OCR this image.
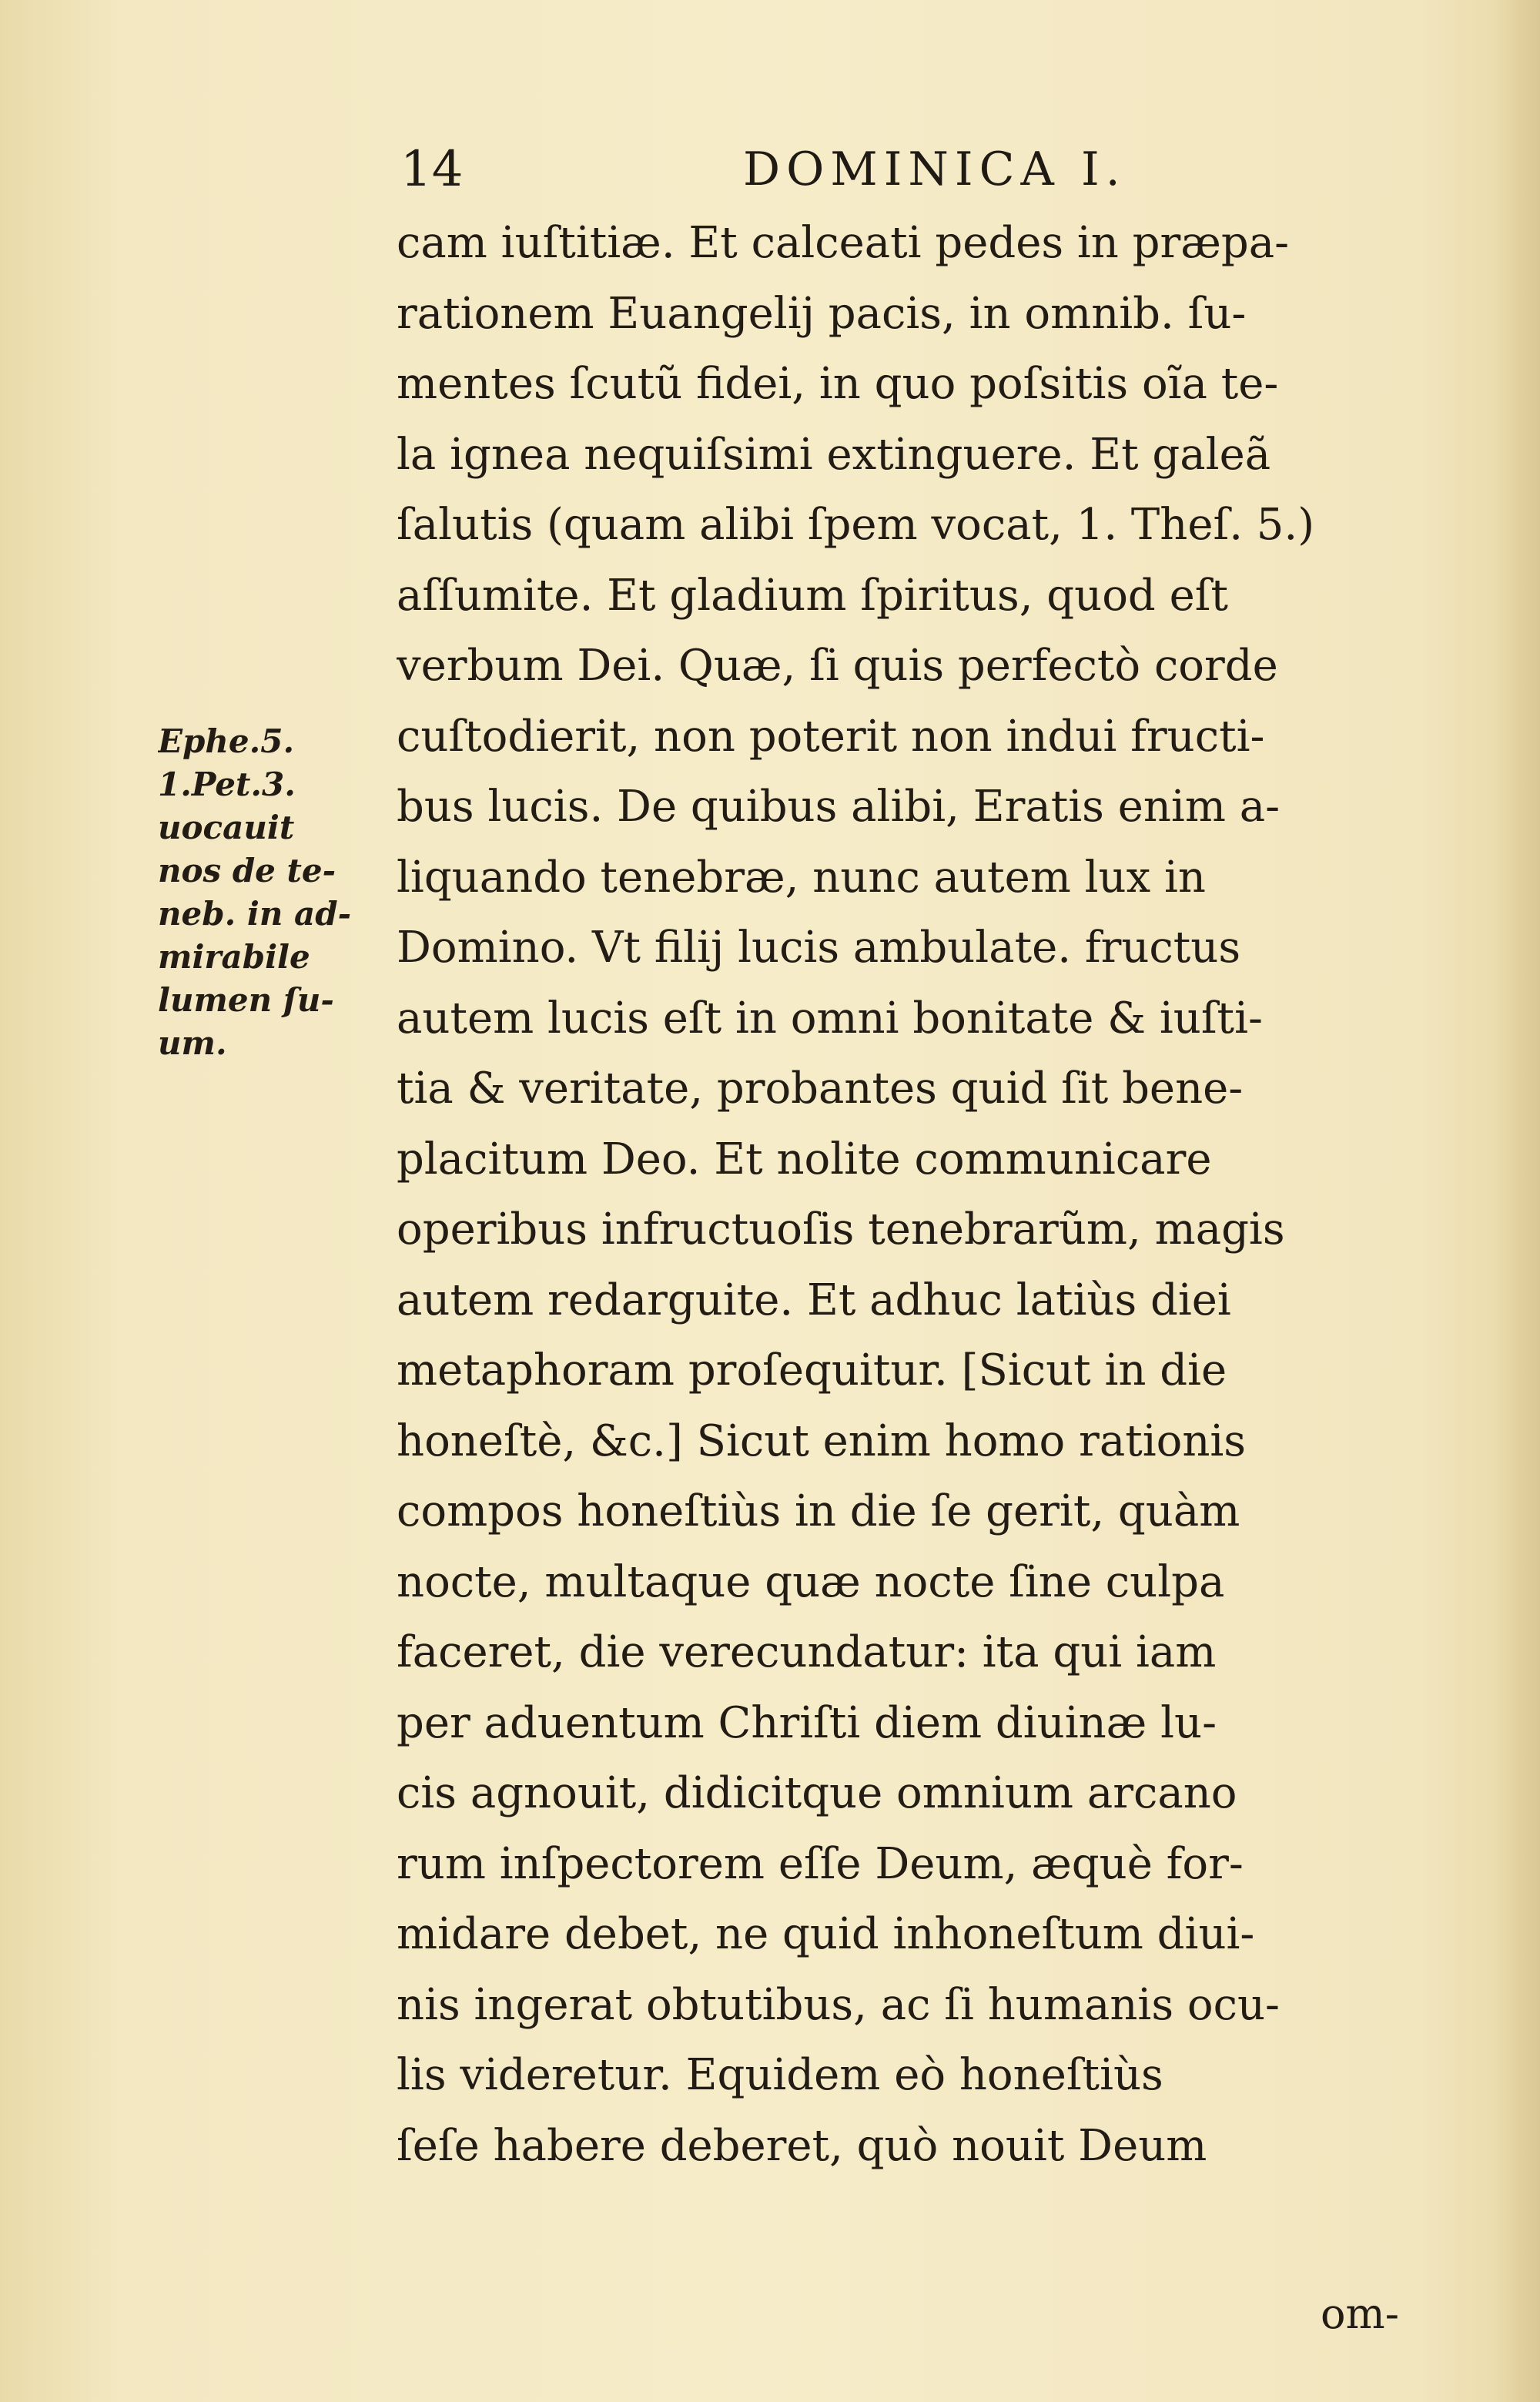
14	DOMINICA I.
cam iuſtitiæ. Et calceati pedes in præpa-
rationem Euangelij pacis, in omnib. ſu-
mentes ſcutũ fidei, in quo poſsitis oĩa te-
la ignea nequiſsimi extinguere. Et galeã
ſalutis (quam alibi ſpem vocat, 1. Theſ. 5.)
aſſumite. Et gladium ſpiritus, quod eſt
verbum Dei. Quæ, ſi quis perfectò corde
cuſtodierit, non poterit non indui fructi-
bus lucis. De quibus alibi, Eratis enim a-
liquando tenebræ, nunc autem lux in
Domino. Vt filij lucis ambulate. fructus
autem lucis eſt in omni bonitate & iuſti-
tia & veritate, probantes quid ſit bene-
placitum Deo. Et nolite communicare
operibus infructuoſis tenebrarũm, magis
autem redarguite. Et adhuc latiùs diei
metaphoram proſequitur. [Sicut in die
honeſtè, &c.] Sicut enim homo rationis
compos honeſtiùs in die ſe gerit, quàm
nocte, multaque quæ nocte ſine culpa
faceret, die verecundatur: ita qui iam
per aduentum Chriſti diem diuinæ lu-
cis agnouit, didicitque omnium arcano
rum inſpectorem eſſe Deum, æquè for-
midare debet, ne quid inhoneſtum diui-
nis ingerat obtutibus, ac ſi humanis ocu-
lis videretur. Equidem eò honeſtiùs
ſeſe habere deberet, quò nouit Deum
Ephe.5.
1.Pet.3.
uocauit
nos de te-
neb. in ad-
mirabile
lumen ſu-
um.
om-
